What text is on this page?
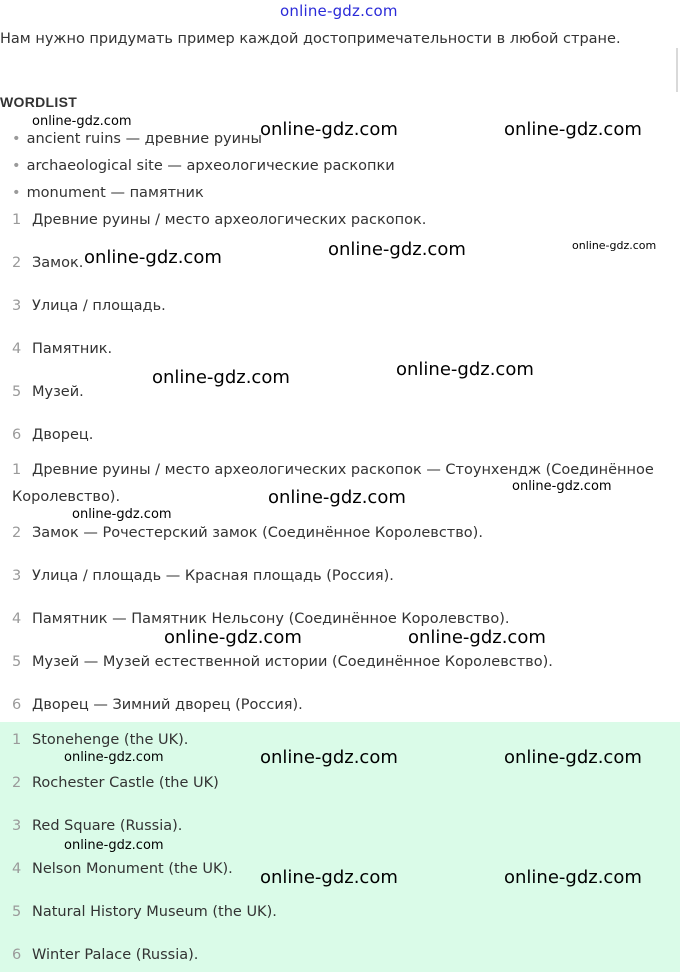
online-gdz.com
Нам нужно придумать пример каждой достопримечательности в любой стране.
WORDLIST
• ancient ruins — древние руины
• archaeological site — археологические раскопки
• monument — памятник
1 Древние руины / место археологических раскопок.
2 Замок.
3 Улица / площадь.
4 Памятник.
5 Музей.
6 Дворец.
1 Древние руины / место археологических раскопок — Стоунхендж (Соединённое Королевство).
2 Замок — Рочестерский замок (Соединённое Королевство).
3 Улица / площадь — Красная площадь (Россия).
4 Памятник — Памятник Нельсону (Соединённое Королевство).
5 Музей — Музей естественной истории (Соединённое Королевство).
6 Дворец — Зимний дворец (Россия).
1 Stonehenge (the UK).
2 Rochester Castle (the UK)
3 Red Square (Russia).
4 Nelson Monument (the UK).
5 Natural History Museum (the UK).
6 Winter Palace (Russia).
online-gdz.com	online-gdz.com	online-gdz.com
online-gdz.com	online-gdz.com
online-gdz.com
online-gdz.com
online-gdz.com
online-gdz.com
online-gdz.com
online-gdz.com
online-gdz.com	online-gdz.com
online-gdz.com	online-gdz.com	online-gdz.com
online-gdz.com
online-gdz.com	online-gdz.com
